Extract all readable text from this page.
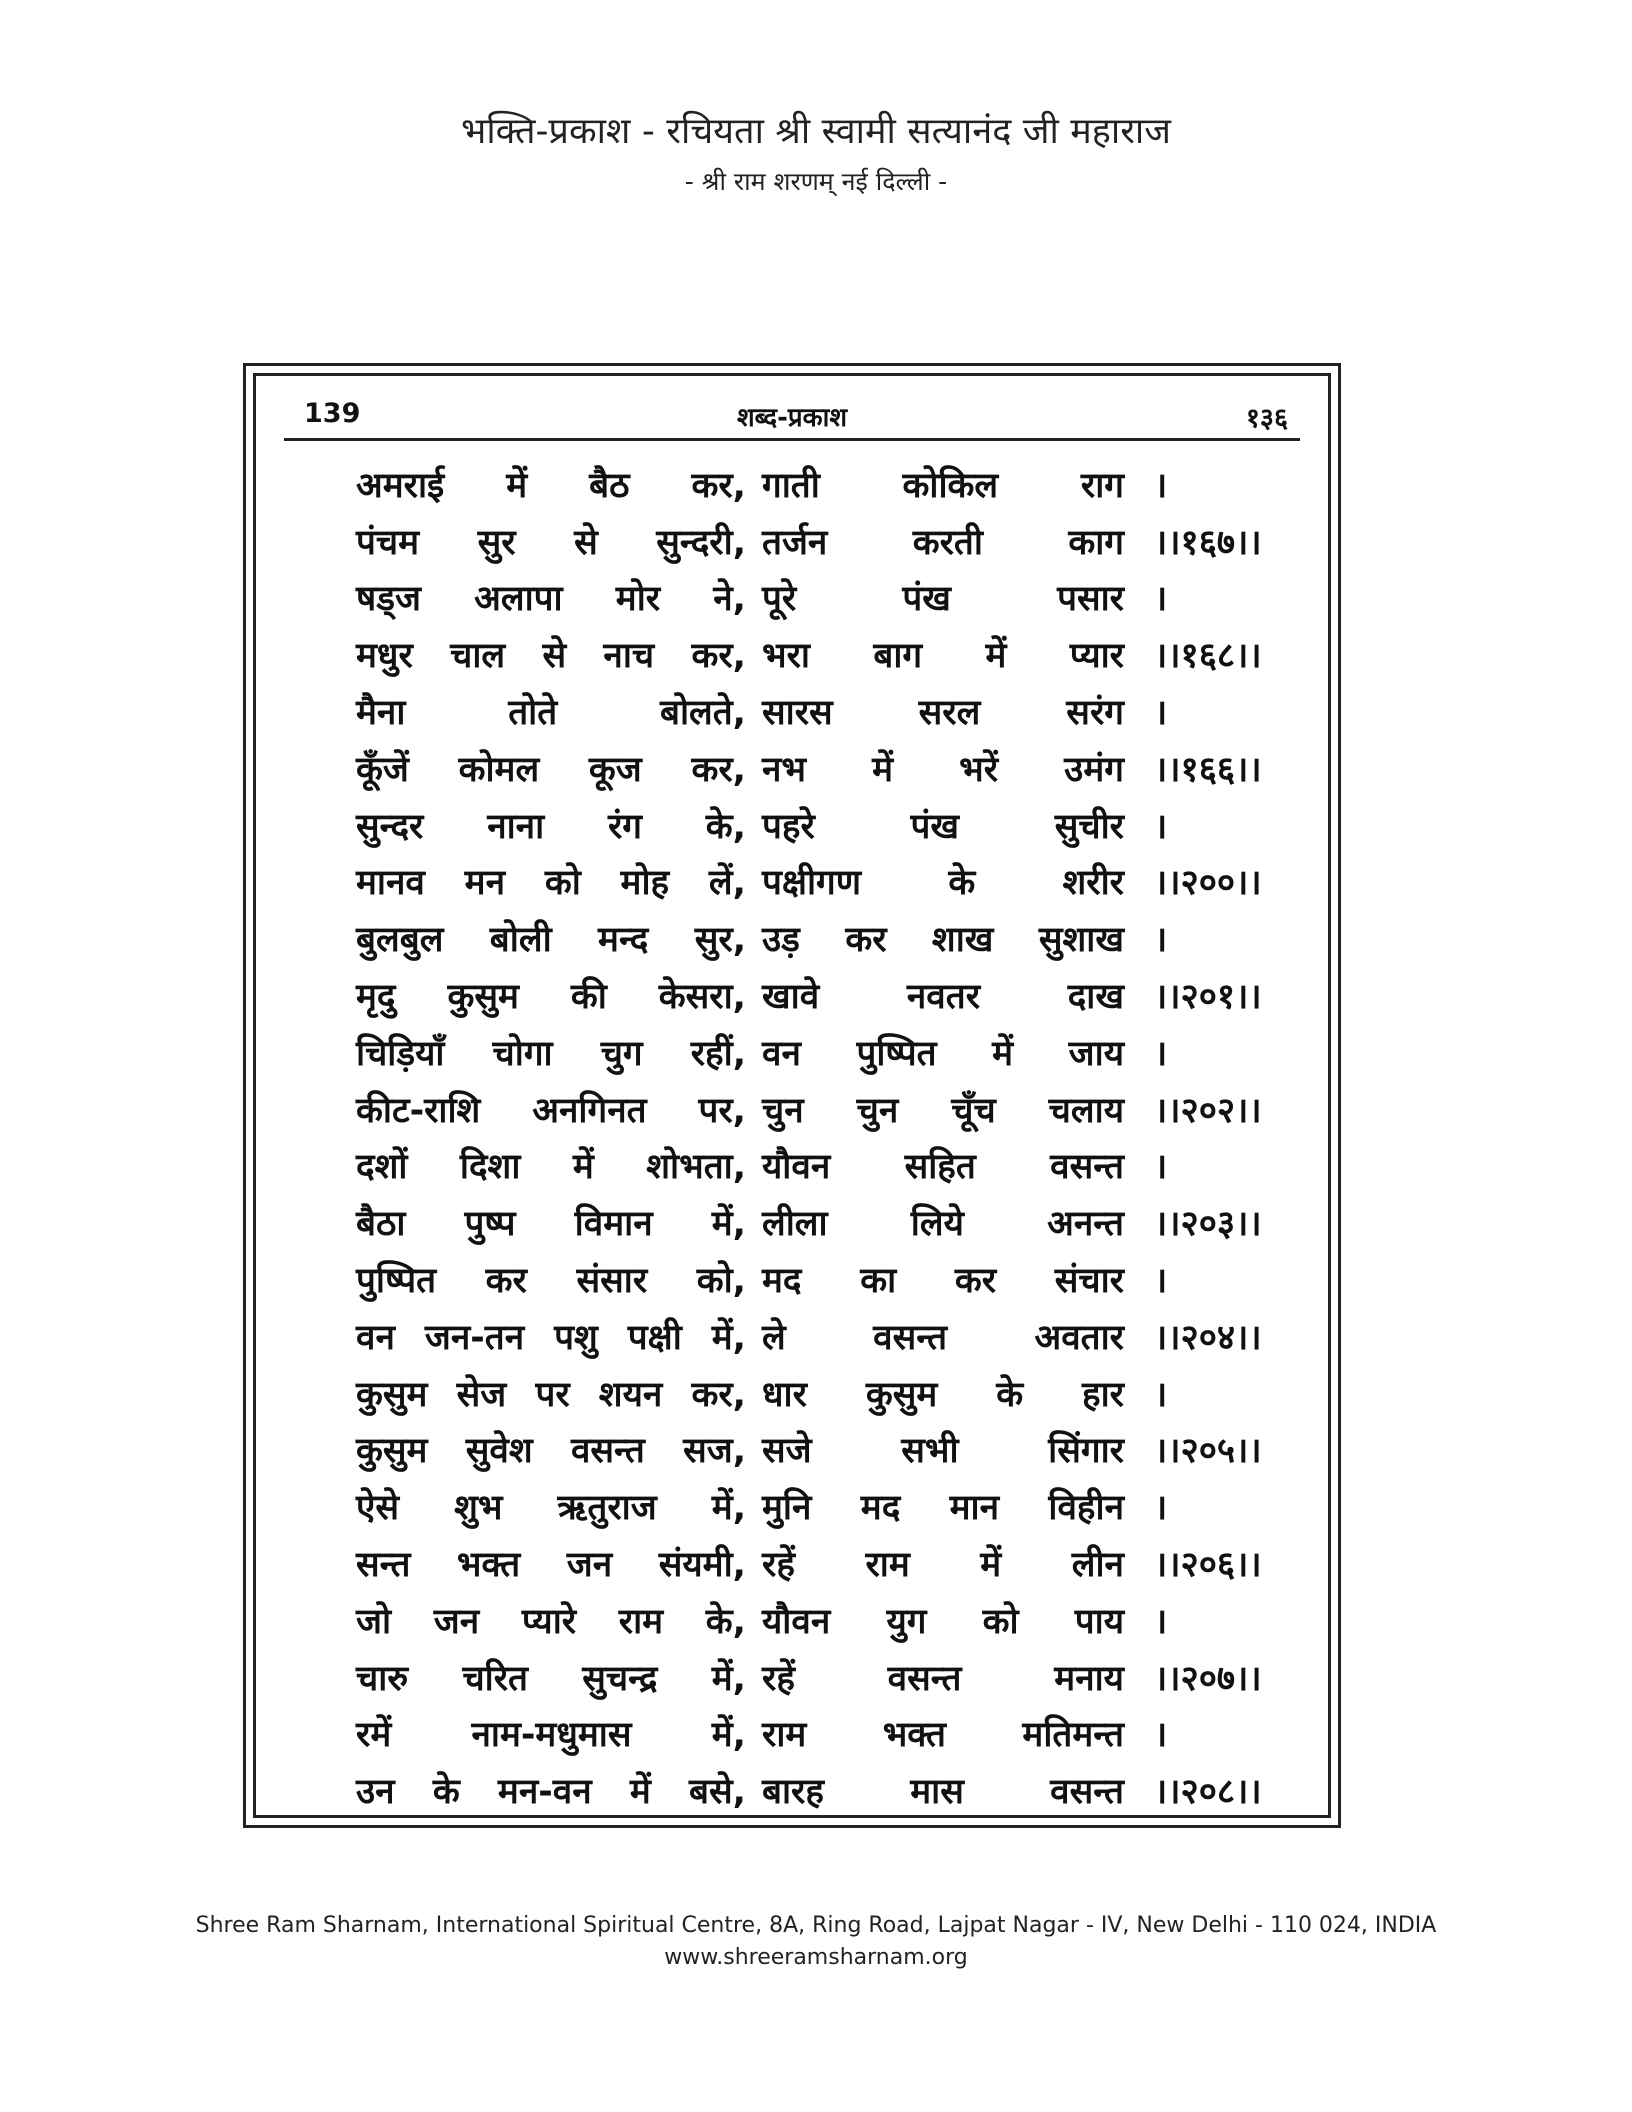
भक्ति-प्रकाश - रचियता श्री स्वामी सत्यानंद जी महाराज
- श्री राम शरणम् नई दिल्ली -
139	शब्द-प्रकाश	१३६
अमराई में बैठ कर, गाती कोकिल राग ।
पंचम सुर से सुन्दरी, तर्जन करती काग ।।१६७।।
षड्ज अलापा मोर ने, पूरे	पंख	पसार ।
मधुर चाल से नाच कर, भरा बाग में प्यार ।।१६८।।
मैना	तोते	बोलते, सारस सरल सरंग ।
कूँजें कोमल कूज कर, नभ में भरें उमंग ।।१६६।।
सुन्दर नाना रंग के, पहरे	पंख	सुचीर ।
मानव मन को मोह लें, पक्षीगण के शरीर ।।२००।।
बुलबुल बोली मन्द सुर, उड़ कर शाख सुशाख ।
मृदु कुसुम की केसरा, खावे	नवतर	दाख ।।२०१।।
चिड़ियाँ चोगा चुग रहीं, वन पुष्पित में जाय ।
कीट-राशि अनगिनत पर, चुन चुन चूँच चलाय ।।२०२।।
दशों दिशा में शोभता, यौवन सहित वसन्त ।
बैठा पुष्प विमान में, लीला लिये अनन्त ।।२०३।।
पुष्पित कर संसार को, मद का कर संचार ।
वन जन-तन पशु पक्षी में, ले वसन्त अवतार ।।२०४।।
कुसुम सेज पर शयन कर, धार कुसुम के हार ।
कुसुम सुवेश वसन्त सज, सजे	सभी	सिंगार ।।२०५।।
ऐसे शुभ ऋतुराज में, मुनि मद मान विहीन ।
सन्त भक्त जन संयमी, रहें राम में लीन ।।२०६।।
जो जन प्यारे राम के, यौवन युग को पाय ।
चारु चरित सुचन्द्र में, रहें	वसन्त	मनाय ।।२०७।।
रमें नाम-मधुमास में, राम भक्त मतिमन्त ।
उन के मन-वन में बसे, बारह मास वसन्त ।।२०८।।
Shree Ram Sharnam, International Spiritual Centre, 8A, Ring Road, Lajpat Nagar - IV, New Delhi - 110 024, INDIA
www.shreeramsharnam.org
